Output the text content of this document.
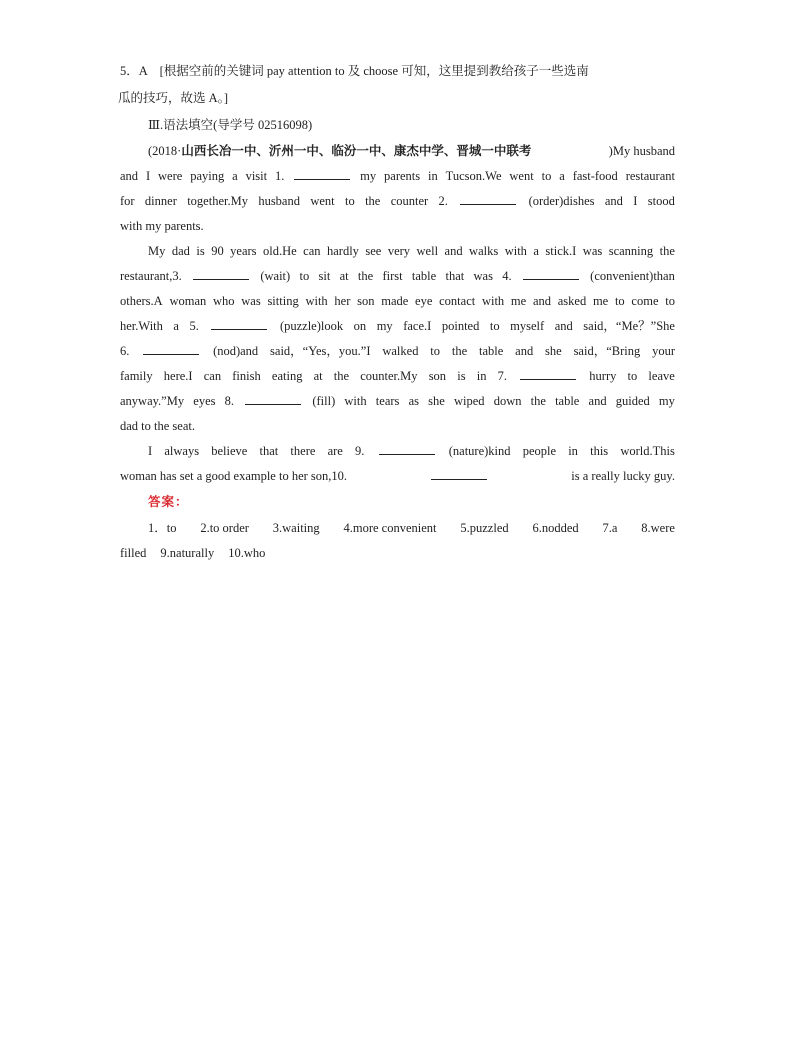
5．A　[根据空前的关键词 pay attention to 及 choose 可知，这里提到教给孩子一些选南
瓜的技巧，故选 A。]
Ⅲ.语法填空(导学号 02516098)
(2018·山西长冶一中、沂州一中、临汾一中、康杰中学、晋城一中联考	)My husband
and I were paying a visit 1.	my parents in Tucson.We went to a fast-food restaurant
for dinner together.My husband went to the counter 2.	(order)dishes and I stood
with my parents.
My dad is 90 years old.He can hardly see very well and walks with a stick.I was scanning the
restaurant,3.	(wait) to sit at the first table that was 4.	(convenient)than
others.A woman who was sitting with her son made eye contact with me and asked me to come to
her.With a 5.	(puzzle)look on my face.I pointed to myself and said，“Me？”She
6.	(nod)and said，“Yes，you.”I walked to the table and she said，“Bring your
family here.I can finish eating at the counter.My son is in 7.	hurry to leave
anyway.”My eyes 8.	(fill) with tears as she wiped down the table and guided my
dad to the seat.
I always believe that there are 9.	(nature)kind people in this world.This
woman has set a good example to her son,10.	is a really lucky guy.
答案：
1．to 2.to order 3.waiting 4.more convenient 5.puzzled 6.nodded 7.a 8.were
filled 9.naturally 10.who
